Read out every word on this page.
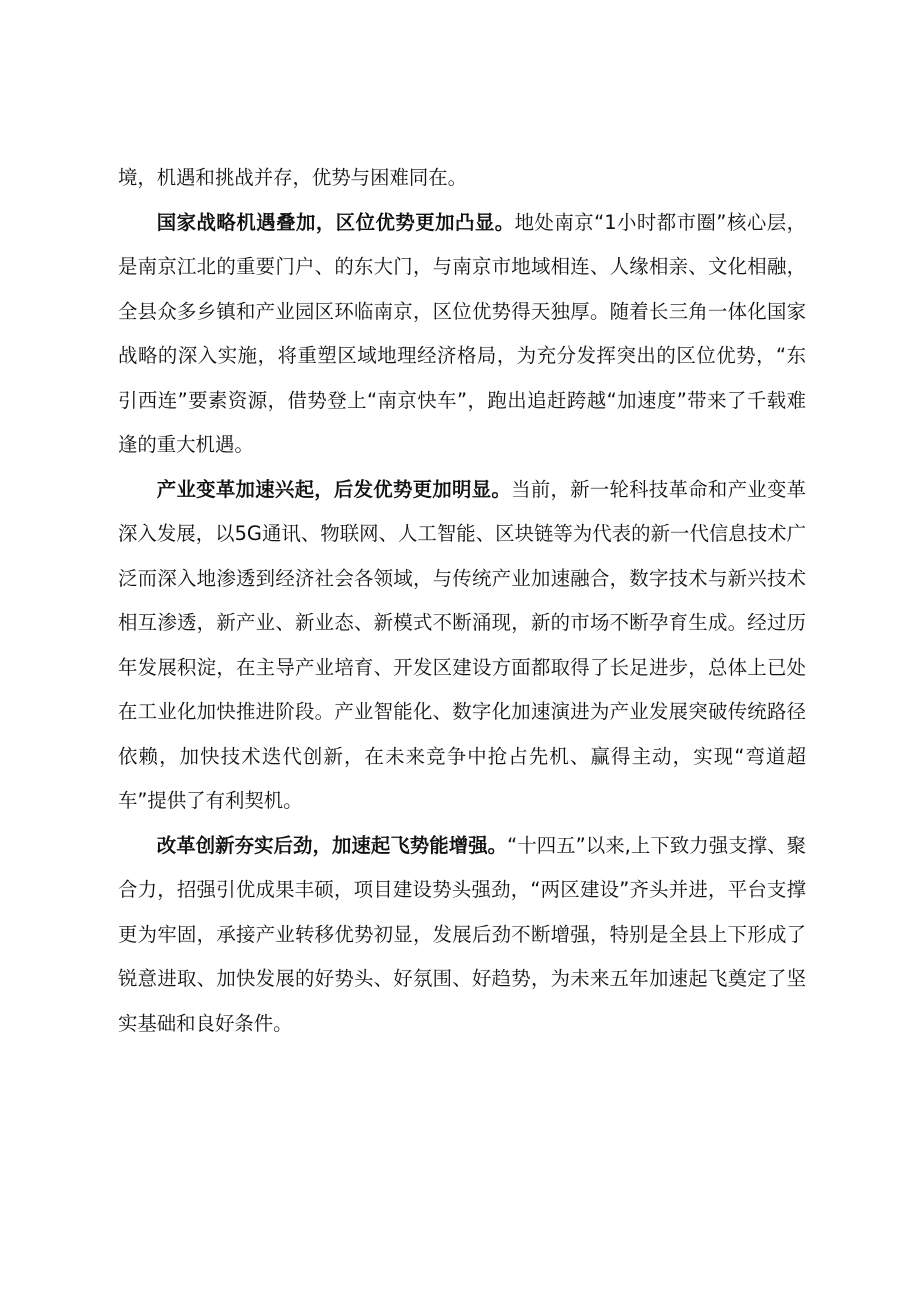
境，机遇和挑战并存，优势与困难同在。

国家战略机遇叠加，区位优势更加凸显。地处南京“1小时都市圈”核心层，是南京江北的重要门户、的东大门，与南京市地域相连、人缘相亲、文化相融，全县众多乡镇和产业园区环临南京，区位优势得天独厚。随着长三角一体化国家战略的深入实施，将重塑区域地理经济格局，为充分发挥突出的区位优势，“东引西连”要素资源，借势登上“南京快车”，跑出追赶跨越“加速度”带来了千载难逢的重大机遇。

产业变革加速兴起，后发优势更加明显。当前，新一轮科技革命和产业变革深入发展，以5G通讯、物联网、人工智能、区块链等为代表的新一代信息技术广泛而深入地渗透到经济社会各领域，与传统产业加速融合，数字技术与新兴技术相互渗透，新产业、新业态、新模式不断涌现，新的市场不断孕育生成。经过历年发展积淀，在主导产业培育、开发区建设方面都取得了长足进步，总体上已处在工业化加快推进阶段。产业智能化、数字化加速演进为产业发展突破传统路径依赖，加快技术迭代创新，在未来竞争中抢占先机、赢得主动，实现“弯道超车”提供了有利契机。

改革创新夯实后劲，加速起飞势能增强。“十四五”以来,上下致力强支撑、聚合力，招强引优成果丰硕，项目建设势头强劲，“两区建设”齐头并进，平台支撑更为牢固，承接产业转移优势初显，发展后劲不断增强，特别是全县上下形成了锐意进取、加快发展的好势头、好氛围、好趋势，为未来五年加速起飞奠定了坚实基础和良好条件。
